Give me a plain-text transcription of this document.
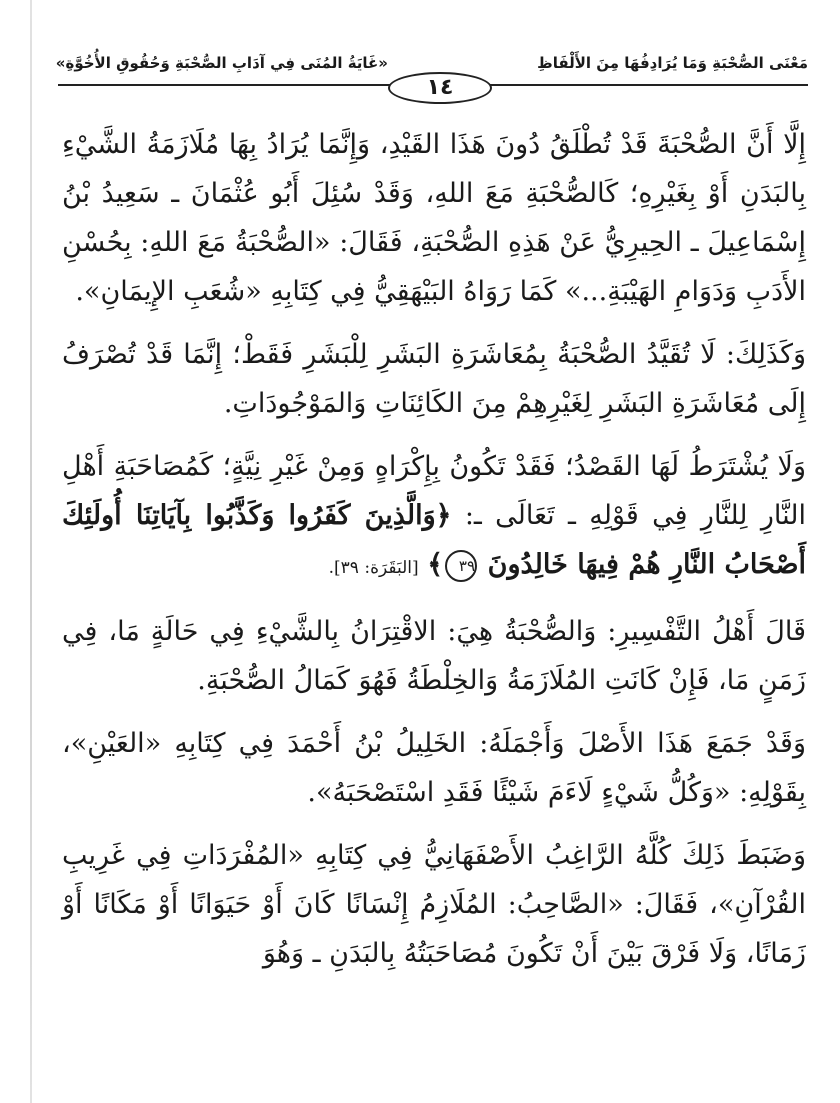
مَعْنَى الصُّحْبَةِ وَمَا يُرَادِفُهَا مِنَ الأَلْفَاظِ
«غَايَةُ المُنَى فِي آدَابِ الصُّحْبَةِ وَحُقُوقِ الأُخُوَّةِ»
١٤

إِلَّا أَنَّ الصُّحْبَةَ قَدْ تُطْلَقُ دُونَ هَذَا القَيْدِ، وَإِنَّمَا يُرَادُ بِهَا مُلَازَمَةُ الشَّيْءِ بِالبَدَنِ أَوْ بِغَيْرِهِ؛ كَالصُّحْبَةِ مَعَ اللهِ، وَقَدْ سُئِلَ أَبُو عُثْمَانَ ـ سَعِيدُ بْنُ إِسْمَاعِيلَ ـ الحِيرِيُّ عَنْ هَذِهِ الصُّحْبَةِ، فَقَالَ: «الصُّحْبَةُ مَعَ اللهِ: بِحُسْنِ الأَدَبِ وَدَوَامِ الهَيْبَةِ...» كَمَا رَوَاهُ البَيْهَقِيُّ فِي كِتَابِهِ «شُعَبِ الإِيمَانِ».

وَكَذَلِكَ: لَا تُقَيَّدُ الصُّحْبَةُ بِمُعَاشَرَةِ البَشَرِ لِلْبَشَرِ فَقَطْ؛ إِنَّمَا قَدْ تُصْرَفُ إِلَى مُعَاشَرَةِ البَشَرِ لِغَيْرِهِمْ مِنَ الكَائِنَاتِ وَالمَوْجُودَاتِ.

وَلَا يُشْتَرَطُ لَهَا القَصْدُ؛ فَقَدْ تَكُونُ بِإِكْرَاهٍ وَمِنْ غَيْرِ نِيَّةٍ؛ كَمُصَاحَبَةِ أَهْلِ النَّارِ لِلنَّارِ فِي قَوْلِهِ ـ تَعَالَى ـ: ﴿وَالَّذِينَ كَفَرُوا وَكَذَّبُوا بِآيَاتِنَا أُولَئِكَ أَصْحَابُ النَّارِ هُمْ فِيهَا خَالِدُونَ ٣٩﴾ [البَقَرَة: ٣٩].

قَالَ أَهْلُ التَّفْسِيرِ: وَالصُّحْبَةُ هِيَ: الاقْتِرَانُ بِالشَّيْءِ فِي حَالَةٍ مَا، فِي زَمَنٍ مَا، فَإِنْ كَانَتِ المُلَازَمَةُ وَالخِلْطَةُ فَهُوَ كَمَالُ الصُّحْبَةِ.

وَقَدْ جَمَعَ هَذَا الأَصْلَ وَأَجْمَلَهُ: الخَلِيلُ بْنُ أَحْمَدَ فِي كِتَابِهِ «العَيْنِ»، بِقَوْلِهِ: «وَكُلُّ شَيْءٍ لَاءَمَ شَيْئًا فَقَدِ اسْتَصْحَبَهُ».

وَضَبَطَ ذَلِكَ كُلَّهُ الرَّاغِبُ الأَصْفَهَانِيُّ فِي كِتَابِهِ «المُفْرَدَاتِ فِي غَرِيبِ القُرْآنِ»، فَقَالَ: «الصَّاحِبُ: المُلَازِمُ إِنْسَانًا كَانَ أَوْ حَيَوَانًا أَوْ مَكَانًا أَوْ زَمَانًا، وَلَا فَرْقَ بَيْنَ أَنْ تَكُونَ مُصَاحَبَتُهُ بِالبَدَنِ ـ وَهُوَ
